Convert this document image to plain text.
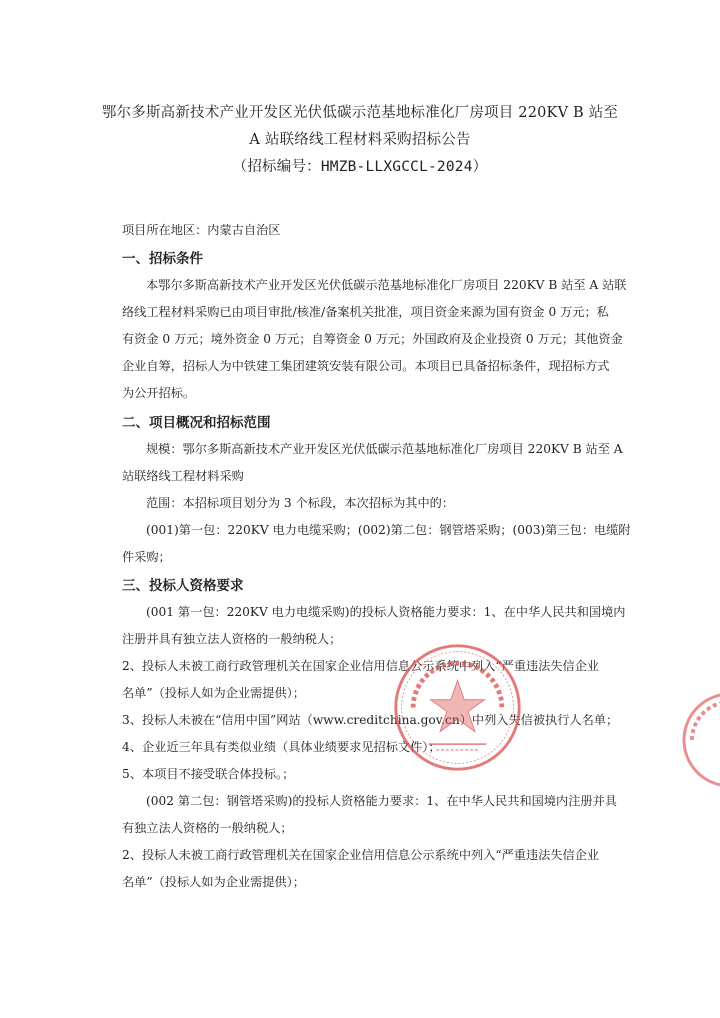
鄂尔多斯高新技术产业开发区光伏低碳示范基地标准化厂房项目 220KV B 站至
A 站联络线工程材料采购招标公告
（招标编号：HMZB-LLXGCCL-2024）
项目所在地区：内蒙古自治区
一、招标条件
本鄂尔多斯高新技术产业开发区光伏低碳示范基地标准化厂房项目 220KV B 站至 A 站联
络线工程材料采购已由项目审批/核准/备案机关批准，项目资金来源为国有资金 0 万元；私
有资金 0 万元；境外资金 0 万元；自筹资金 0 万元；外国政府及企业投资 0 万元；其他资金
企业自筹，招标人为中铁建工集团建筑安装有限公司。本项目已具备招标条件，现招标方式
为公开招标。
二、项目概况和招标范围
规模：鄂尔多斯高新技术产业开发区光伏低碳示范基地标准化厂房项目 220KV B 站至 A
站联络线工程材料采购
范围：本招标项目划分为 3 个标段，本次招标为其中的：
(001)第一包：220KV 电力电缆采购；(002)第二包：钢管塔采购；(003)第三包：电缆附
件采购；
三、投标人资格要求
(001 第一包：220KV 电力电缆采购)的投标人资格能力要求：1、在中华人民共和国境内
注册并具有独立法人资格的一般纳税人；
2、投标人未被工商行政管理机关在国家企业信用信息公示系统中列入“严重违法失信企业
名单”（投标人如为企业需提供）；
3、投标人未被在“信用中国”网站（www.creditchina.gov.cn）中列入失信被执行人名单；
4、企业近三年具有类似业绩（具体业绩要求见招标文件）；
5、本项目不接受联合体投标。；
(002 第二包：钢管塔采购)的投标人资格能力要求：1、在中华人民共和国境内注册并具
有独立法人资格的一般纳税人；
2、投标人未被工商行政管理机关在国家企业信用信息公示系统中列入“严重违法失信企业
名单”（投标人如为企业需提供）；
